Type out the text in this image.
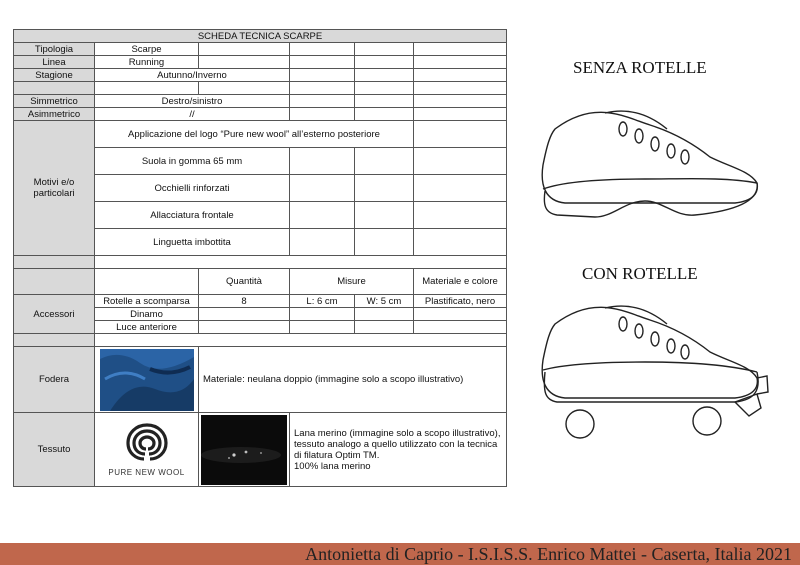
SCHEDA TECNICA SCARPE					
Tipologia	Scarpe				
Linea	Running				
Stagione	Autunno/Inverno				

Simmetrico	Destro/sinistro				
Asimmetrico	//				
Motivi e/o particolari	Applicazione del logo “Pure new wool” all’esterno posteriore				
	Suola in gomma 65 mm				
	Occhielli rinforzati				
	Allacciatura frontale				
	Linguetta imbottita				

		Quantità	Misure		Materiale e colore
Accessori	Rotelle a scomparsa	8	L: 6 cm	W: 5 cm	Plastificato, nero
	Dinamo				
	Luce anteriore				

Fodera		Materiale: neulana doppio (immagine solo a scopo illustrativo)			
Tessuto	PURE NEW WOOL		Lana merino (immagine solo a scopo illustrativo), tessuto analogo a quello utilizzato con la tecnica di filatura Optim TM.
100% lana merino		
SENZA ROTELLE
CON ROTELLE
Antonietta di Caprio - I.S.I.S.S. Enrico Mattei - Caserta, Italia 2021
